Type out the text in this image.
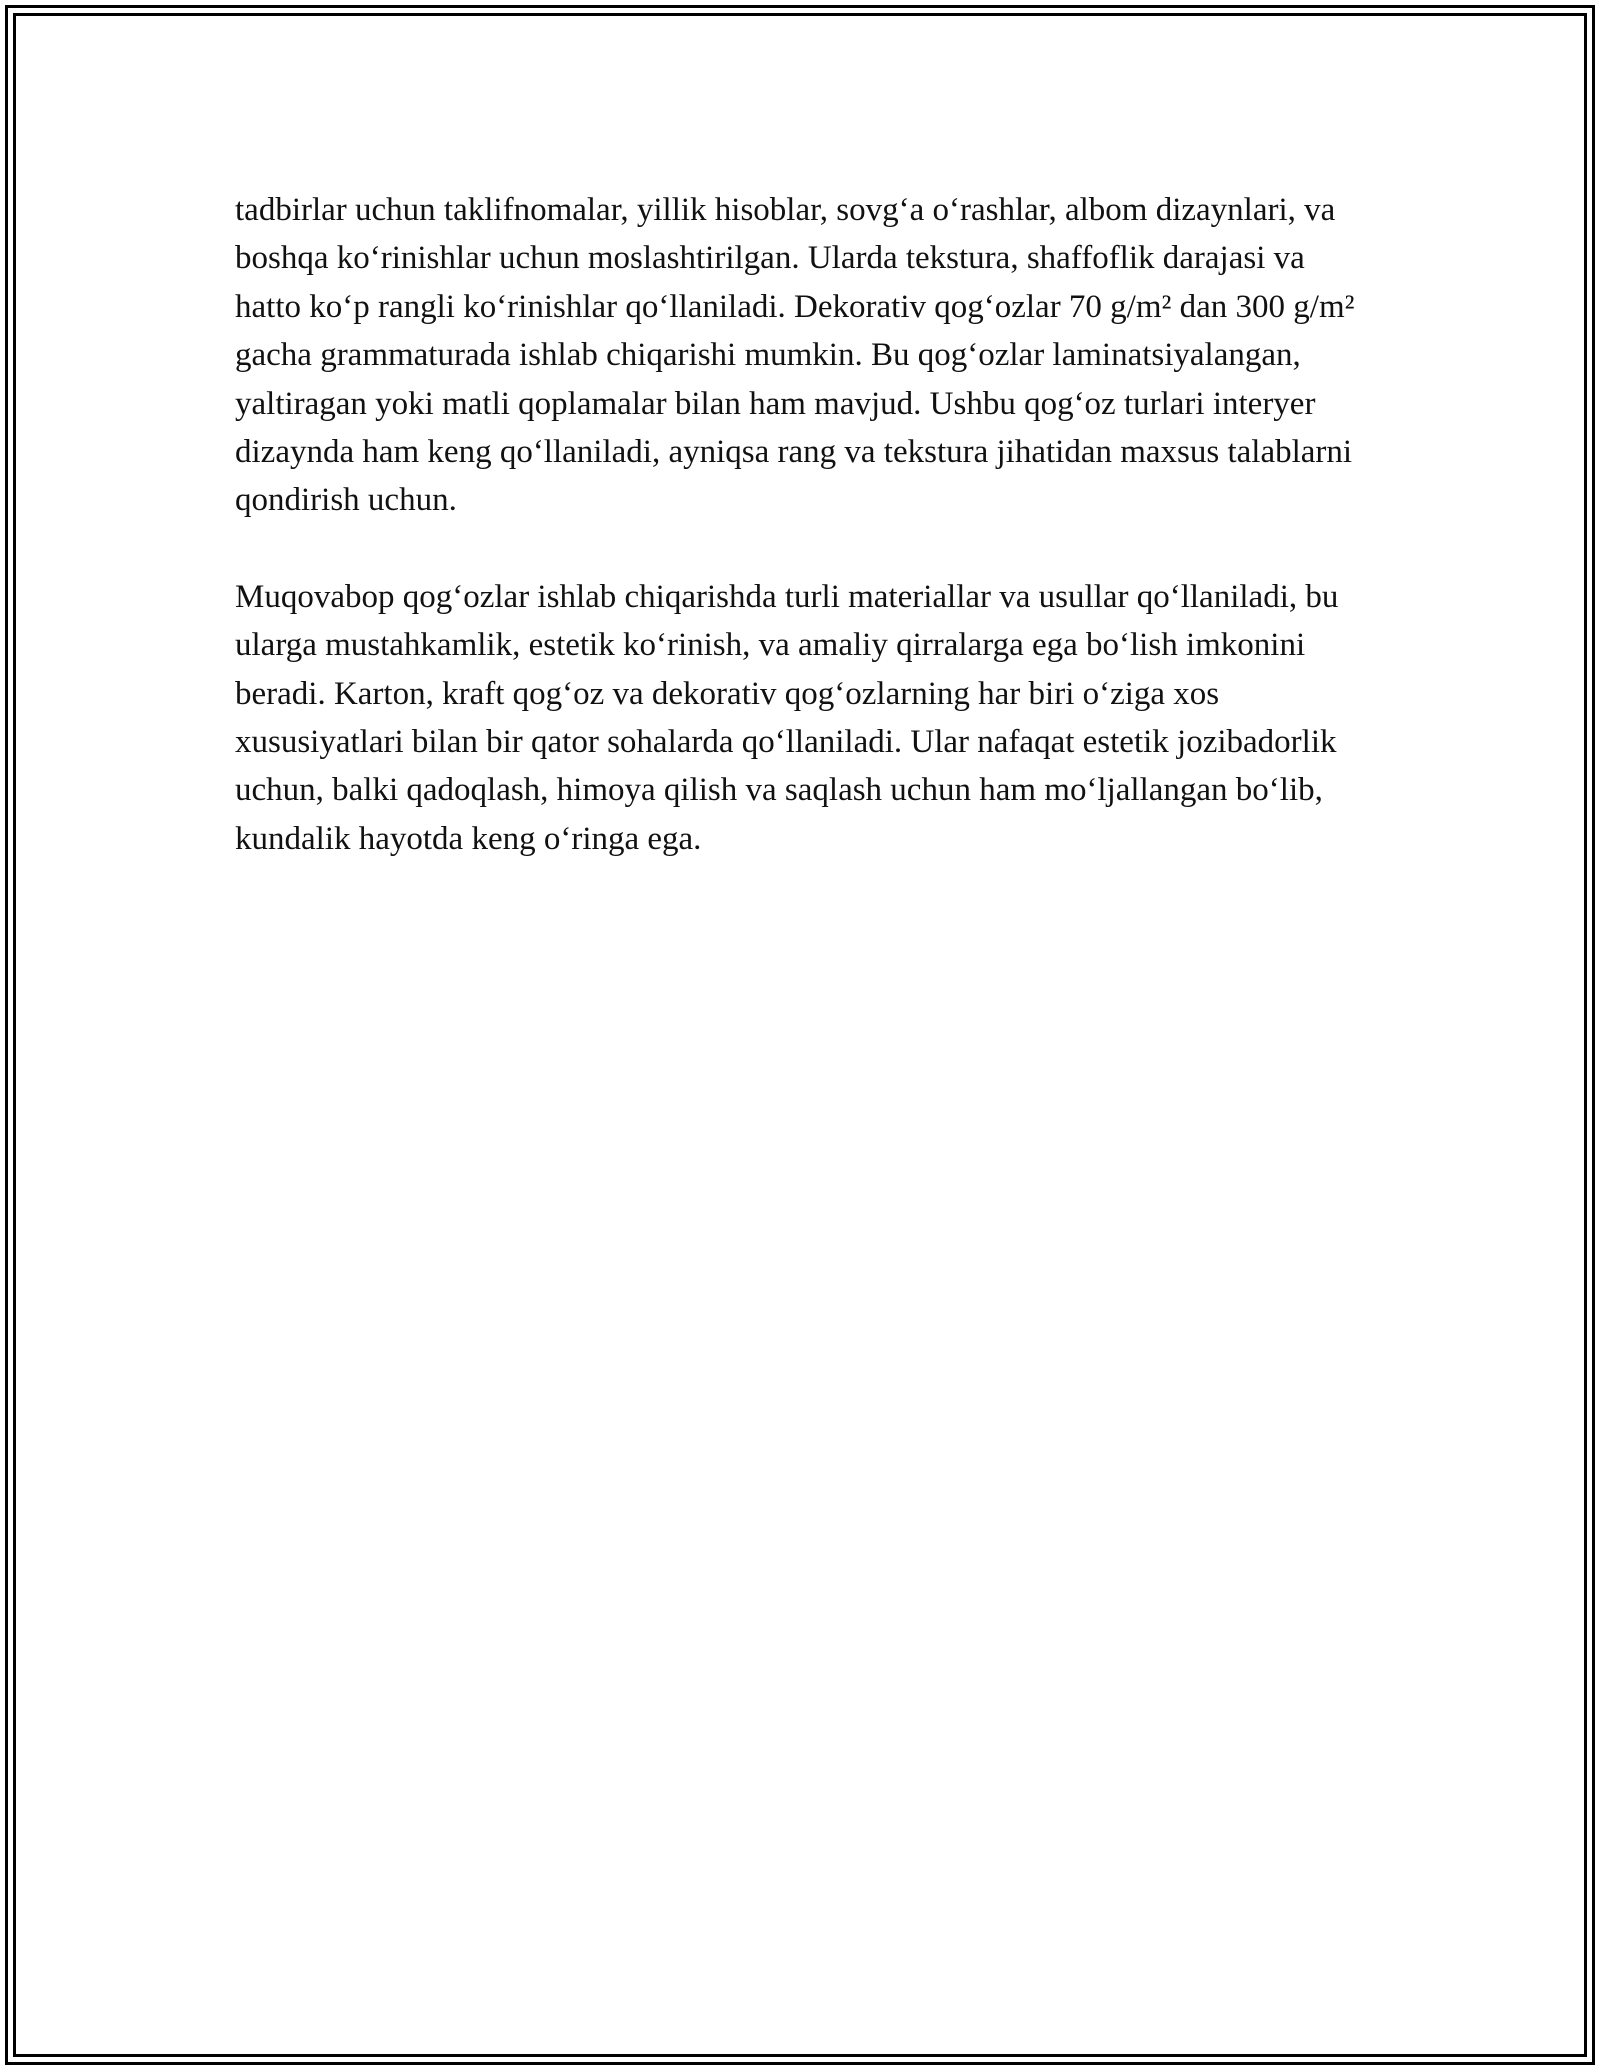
tadbirlar uchun taklifnomalar, yillik hisoblar, sovg‘a o‘rashlar, albom dizaynlari, va boshqa ko‘rinishlar uchun moslashtirilgan. Ularda tekstura, shaffoflik darajasi va hatto ko‘p rangli ko‘rinishlar qo‘llaniladi. Dekorativ qog‘ozlar 70 g/m² dan 300 g/m² gacha grammaturada ishlab chiqarishi mumkin. Bu qog‘ozlar laminatsiyalangan, yaltiragan yoki matli qoplamalar bilan ham mavjud. Ushbu qog‘oz turlari interyer dizaynda ham keng qo‘llaniladi, ayniqsa rang va tekstura jihatidan maxsus talablarni qondirish uchun.

Muqovabop qog‘ozlar ishlab chiqarishda turli materiallar va usullar qo‘llaniladi, bu ularga mustahkamlik, estetik ko‘rinish, va amaliy qirralarga ega bo‘lish imkonini beradi. Karton, kraft qog‘oz va dekorativ qog‘ozlarning har biri o‘ziga xos xususiyatlari bilan bir qator sohalarda qo‘llaniladi. Ular nafaqat estetik jozibadorlik uchun, balki qadoqlash, himoya qilish va saqlash uchun ham mo‘ljallangan bo‘lib, kundalik hayotda keng o‘ringa ega.
